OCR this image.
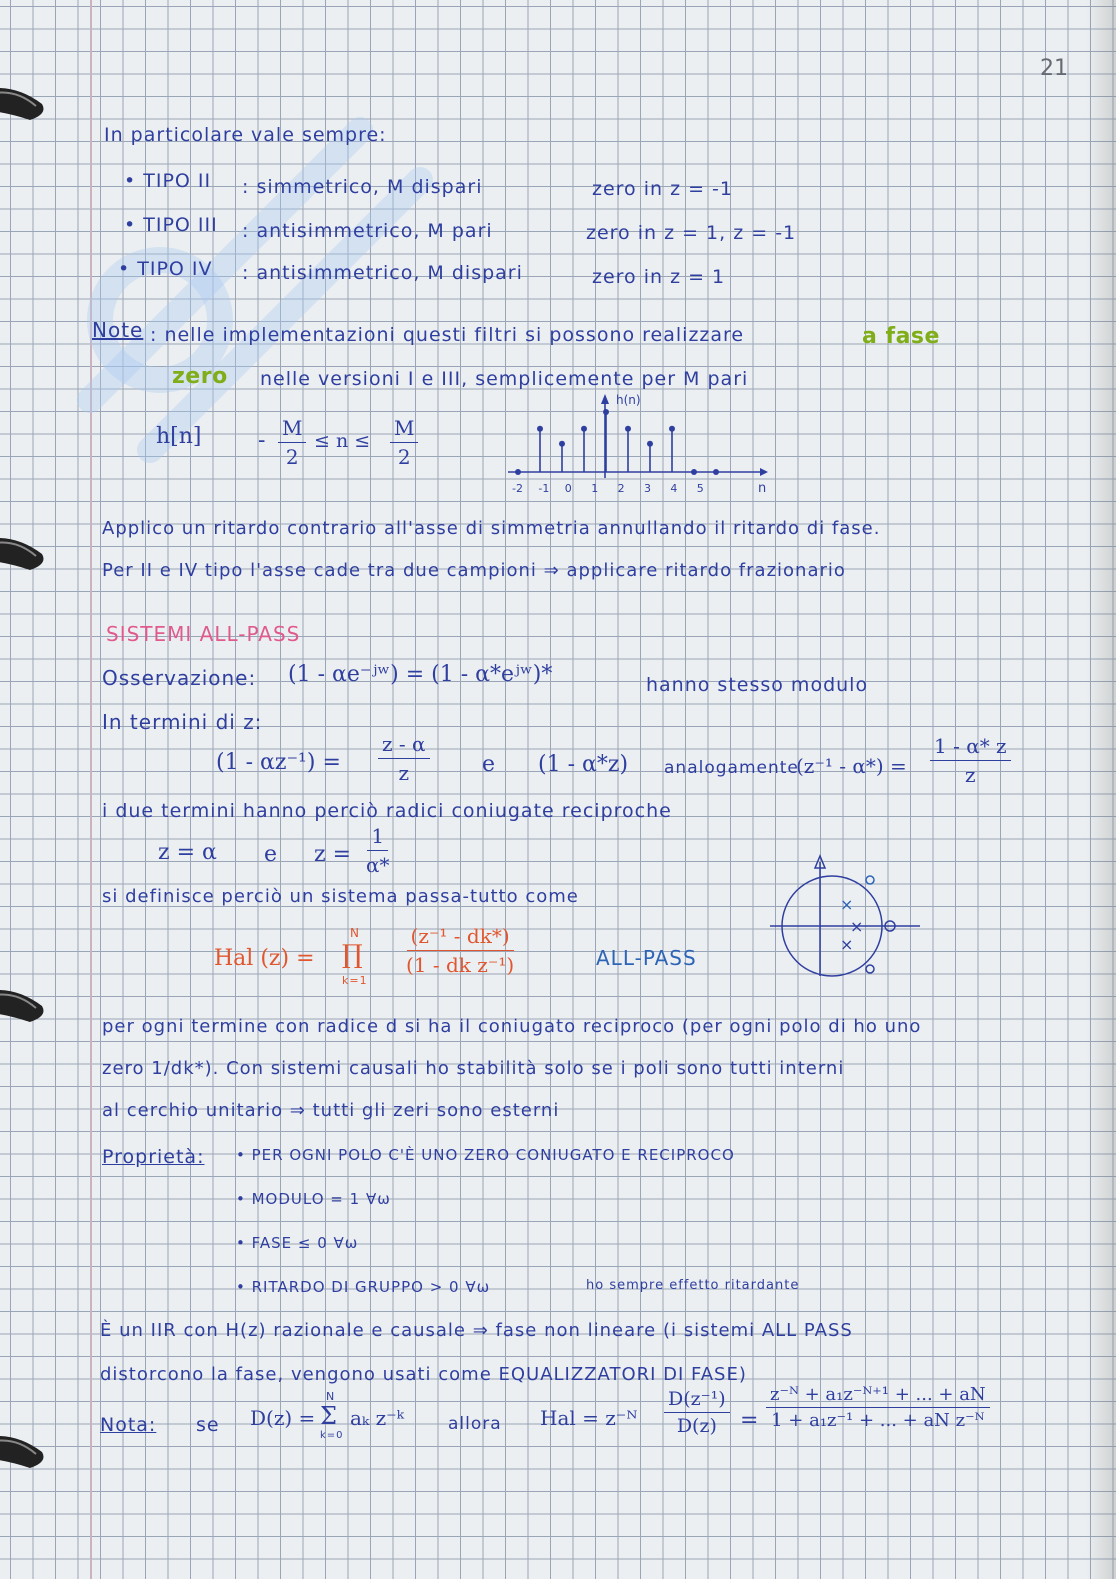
21
In particolare vale sempre:
• TIPO II : simmetrico, M dispari	zero in z = -1
• TIPO III : antisimmetrico, M pari	zero in z = 1, z = -1
• TIPO IV : antisimmetrico, M dispari	zero in z = 1
Note : nelle implementazioni questi filtri si possono realizzare	a fase
zero nelle versioni I e III, semplicemente per M pari
h[n]	- $\frac{M}{2} \le n \le \frac{M}{2}$
h(n)
n
-2 -1 0 1 2 3 4 5
Applico un ritardo contrario all'asse di simmetria annullando il ritardo di fase.
Per II e IV tipo l'asse cade tra due campioni ⇒ applicare ritardo frazionario
SISTEMI ALL-PASS
Osservazione: (1 - αe⁻ʲʷ) = (1 - α*eʲʷ)*	hanno stesso modulo
In termini di z:
$(1 - \alpha z^{-1}) = \frac{z - \alpha}{z}$ e (1 - α*z) analogamente
$(z^{-1} - \alpha*) = \frac{1 - \alpha* z}{z}$
i due termini hanno perciò radici coniugate reciproche
z = α e $z = \frac{1}{\alpha*}$
si definisce perciò un sistema passa-tutto come	×
×
×
Hal (z) =
N
∏
k=1
$\frac{\text{(z⁻¹ - dk*)}}{\text{(1 - dk z⁻¹)}}$	ALL-PASS
per ogni termine con radice d si ha il coniugato reciproco (per ogni polo di ho uno
zero 1/dk*). Con sistemi causali ho stabilità solo se i poli sono tutti interni
al cerchio unitario ⇒ tutti gli zeri sono esterni
Proprietà: • PER OGNI POLO C'È UNO ZERO CONIUGATO E RECIPROCO
• MODULO = 1 ∀ω
• FASE ≤ 0 ∀ω
• RITARDO DI GRUPPO > 0 ∀ω	ho sempre effetto ritardante
È un IIR con H(z) razionale e causale ⇒ fase non lineare (i sistemi ALL PASS
distorcono la fase, vengono usati come EQUALIZZATORI DI FASE)
Nota: se D(z) =
N
Σ
k=0
aₖ z⁻ᵏ	allora Hal = z⁻ᴺ $\frac{\text{D(z⁻¹)}}{D(z)} = \frac{\text{z⁻ᴺ + a₁z⁻ᴺ⁺¹ + ... + aN}}{\text{1 + a₁z⁻¹ + ... + aN z⁻ᴺ}}$
